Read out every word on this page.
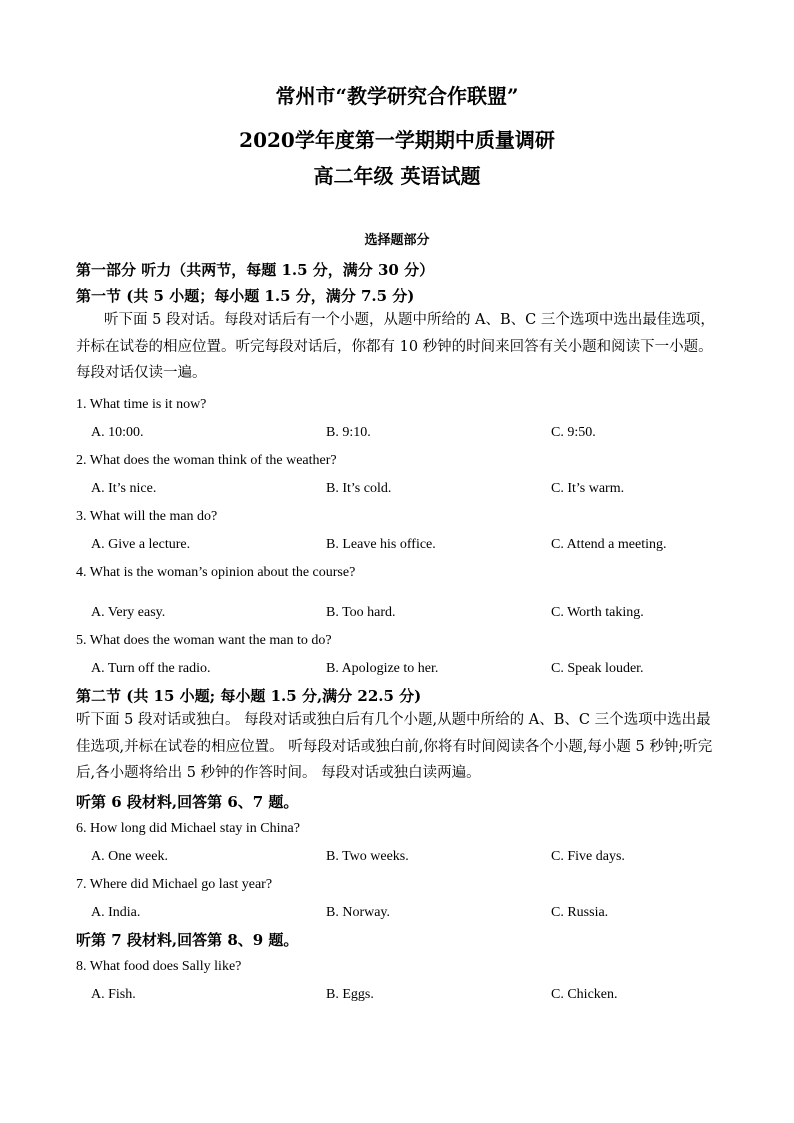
常州市“教学研究合作联盟”
2020学年度第一学期期中质量调研
高二年级 英语试题
选择题部分
第一部分 听力（共两节，每题 1.5 分，满分 30 分）
第一节 (共 5 小题；每小题 1.5 分，满分 7.5 分)
听下面 5 段对话。每段对话后有一个小题，从题中所给的 A、B、C 三个选项中选出最佳选项，并标在试卷的相应位置。听完每段对话后，你都有 10 秒钟的时间来回答有关小题和阅读下一小题。每段对话仅读一遍。
1. What time is it now?
A. 10:00.	B. 9:10.	C. 9:50.
2. What does the woman think of the weather?
A. It’s nice.	B. It’s cold.	C. It’s warm.
3. What will the man do?
A. Give a lecture.	B. Leave his office.	C. Attend a meeting.
4. What is the woman’s opinion about the course?
A. Very easy.	B. Too hard.	C. Worth taking.
5. What does the woman want the man to do?
A. Turn off the radio.	B. Apologize to her.	C. Speak louder.
第二节 (共 15 小题; 每小题 1.5 分,满分 22.5 分)
听下面 5 段对话或独白。 每段对话或独白后有几个小题,从题中所给的 A、B、C 三个选项中选出最佳选项,并标在试卷的相应位置。 听每段对话或独白前,你将有时间阅读各个小题,每小题 5 秒钟;听完后,各小题将给出 5 秒钟的作答时间。 每段对话或独白读两遍。
听第 6 段材料,回答第 6、7 题。
6. How long did Michael stay in China?
A. One week.	B. Two weeks.	C. Five days.
7. Where did Michael go last year?
A. India.	B. Norway.	C. Russia.
听第 7 段材料,回答第 8、9 题。
8. What food does Sally like?
A. Fish.	B. Eggs.	C. Chicken.
